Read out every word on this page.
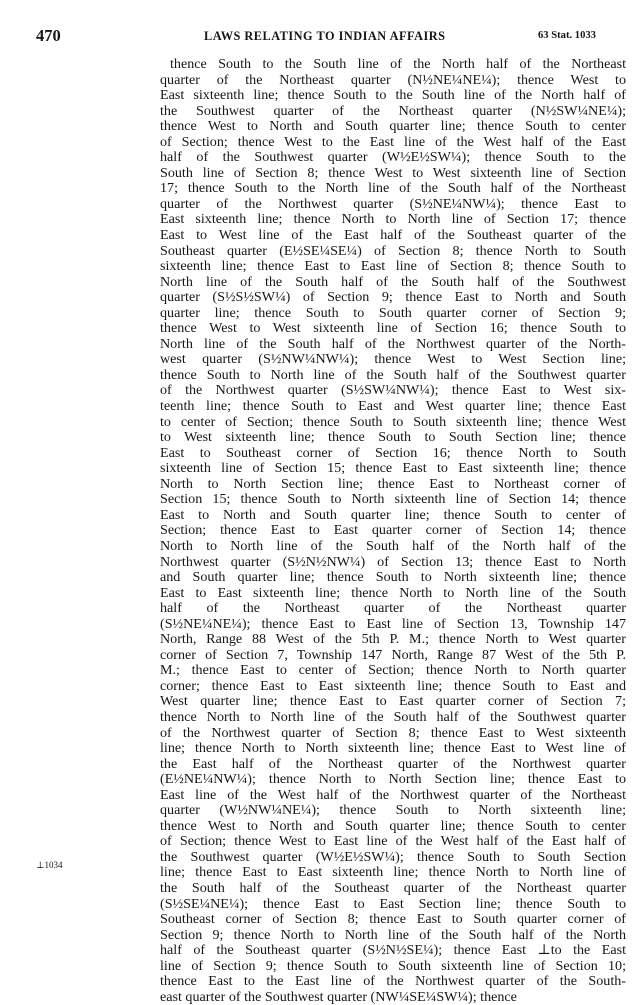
470	LAWS RELATING TO INDIAN AFFAIRS	63 Stat. 1033
⊥1034
thence South to the South line of the North half of the Northeast
quarter of the Northeast quarter (N½NE¼NE¼); thence West to
East sixteenth line; thence South to the South line of the North half of
the Southwest quarter of the Northeast quarter (N½SW¼NE¼);
thence West to North and South quarter line; thence South to center
of Section; thence West to the East line of the West half of the East
half of the Southwest quarter (W½E½SW¼); thence South to the
South line of Section 8; thence West to West sixteenth line of Section
17; thence South to the North line of the South half of the Northeast
quarter of the Northwest quarter (S½NE¼NW¼); thence East to
East sixteenth line; thence North to North line of Section 17; thence
East to West line of the East half of the Southeast quarter of the
Southeast quarter (E½SE¼SE¼) of Section 8; thence North to South
sixteenth line; thence East to East line of Section 8; thence South to
North line of the South half of the South half of the Southwest
quarter (S½S½SW¼) of Section 9; thence East to North and South
quarter line; thence South to South quarter corner of Section 9;
thence West to West sixteenth line of Section 16; thence South to
North line of the South half of the Northwest quarter of the North-
west quarter (S½NW¼NW¼); thence West to West Section line;
thence South to North line of the South half of the Southwest quarter
of the Northwest quarter (S½SW¼NW¼); thence East to West six-
teenth line; thence South to East and West quarter line; thence East
to center of Section; thence South to South sixteenth line; thence West
to West sixteenth line; thence South to South Section line; thence
East to Southeast corner of Section 16; thence North to South
sixteenth line of Section 15; thence East to East sixteenth line; thence
North to North Section line; thence East to Northeast corner of
Section 15; thence South to North sixteenth line of Section 14; thence
East to North and South quarter line; thence South to center of
Section; thence East to East quarter corner of Section 14; thence
North to North line of the South half of the North half of the
Northwest quarter (S½N½NW¼) of Section 13; thence East to North
and South quarter line; thence South to North sixteenth line; thence
East to East sixteenth line; thence North to North line of the South
half of the Northeast quarter of the Northeast quarter
(S½NE¼NE¼); thence East to East line of Section 13, Township 147
North, Range 88 West of the 5th P. M.; thence North to West quarter
corner of Section 7, Township 147 North, Range 87 West of the 5th P.
M.; thence East to center of Section; thence North to North quarter
corner; thence East to East sixteenth line; thence South to East and
West quarter line; thence East to East quarter corner of Section 7;
thence North to North line of the South half of the Southwest quarter
of the Northwest quarter of Section 8; thence East to West sixteenth
line; thence North to North sixteenth line; thence East to West line of
the East half of the Northeast quarter of the Northwest quarter
(E½NE¼NW¼); thence North to North Section line; thence East to
East line of the West half of the Northwest quarter of the Northeast
quarter (W½NW¼NE¼); thence South to North sixteenth line;
thence West to North and South quarter line; thence South to center
of Section; thence West to East line of the West half of the East half of
the Southwest quarter (W½E½SW¼); thence South to South Section
line; thence East to East sixteenth line; thence North to North line of
the South half of the Southeast quarter of the Northeast quarter
(S½SE¼NE¼); thence East to East Section line; thence South to
Southeast corner of Section 8; thence East to South quarter corner of
Section 9; thence North to North line of the South half of the North
half of the Southeast quarter (S½N½SE¼); thence East ⊥to the East
line of Section 9; thence South to South sixteenth line of Section 10;
thence East to the East line of the Northwest quarter of the South-
east quarter of the Southwest quarter (NW¼SE¼SW¼); thence
